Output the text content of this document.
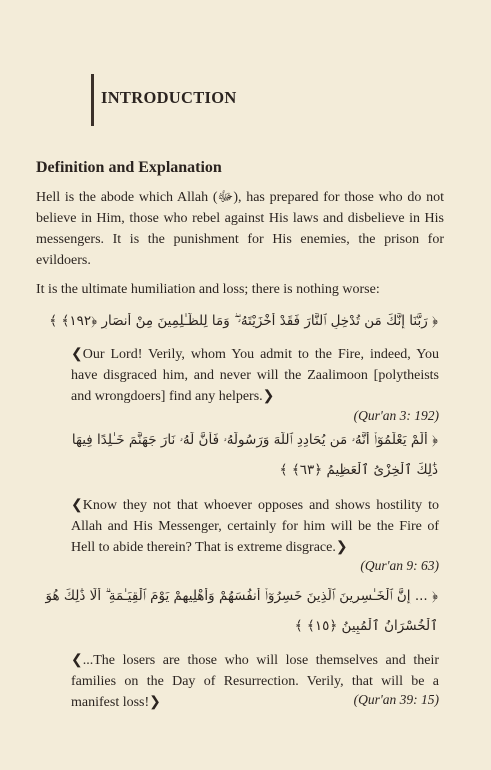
INTRODUCTION
Definition and Explanation
Hell is the abode which Allah (ﷻ), has prepared for those who do not believe in Him, those who rebel against His laws and disbelieve in His messengers. It is the punishment for His enemies, the prison for evildoers.
It is the ultimate humiliation and loss; there is nothing worse:
﴿ رَبَّنَا إِنَّكَ مَن تُدْخِلِ ٱلنَّارَ فَقَدْ أَخْزَيْتَهُۥ ۖ وَمَا لِلظَّـٰلِمِينَ مِنْ أَنصَارٍ ﴿١٩٢﴾ ﴾
❮Our Lord! Verily, whom You admit to the Fire, indeed, You have disgraced him, and never will the Zaalimoon [polytheists and wrongdoers] find any helpers.❯
(Qur'an 3: 192)
﴿ أَلَمْ يَعْلَمُوٓا۟ أَنَّهُۥ مَن يُحَادِدِ ٱللَّهَ وَرَسُولَهُۥ فَأَنَّ لَهُۥ نَارَ جَهَنَّمَ خَـٰلِدًا فِيهَا
ذَٰلِكَ ٱلْخِزْىُ ٱلْعَظِيمُ ﴿٦٣﴾ ﴾
❮Know they not that whoever opposes and shows hostility to Allah and His Messenger, certainly for him will be the Fire of Hell to abide therein? That is extreme disgrace.❯
(Qur'an 9: 63)
﴿ ... إِنَّ ٱلْخَـٰسِرِينَ ٱلَّذِينَ خَسِرُوٓا۟ أَنفُسَهُمْ وَأَهْلِيهِمْ يَوْمَ ٱلْقِيَـٰمَةِ ۗ أَلَا ذَٰلِكَ هُوَ
ٱلْخُسْرَانُ ٱلْمُبِينُ ﴿١٥﴾ ﴾
❮...The losers are those who will lose themselves and their families on the Day of Resurrection. Verily, that will be a manifest loss!❯	(Qur'an 39: 15)
